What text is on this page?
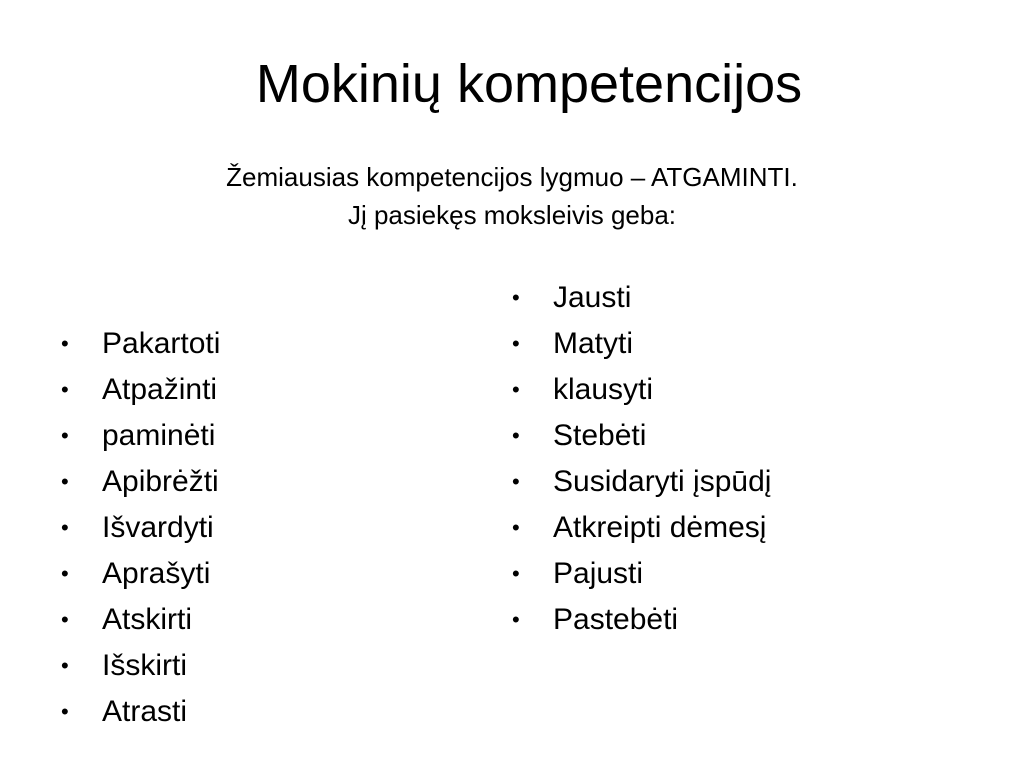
Mokinių kompetencijos
Žemiausias kompetencijos lygmuo – ATGAMINTI.
Jį pasiekęs moksleivis geba:
• Pakartoti
• Atpažinti
• paminėti
• Apibrėžti
• Išvardyti
• Aprašyti
• Atskirti
• Išskirti
• Atrasti
• Jausti
• Matyti
• klausyti
• Stebėti
• Susidaryti įspūdį
• Atkreipti dėmesį
• Pajusti
• Pastebėti
